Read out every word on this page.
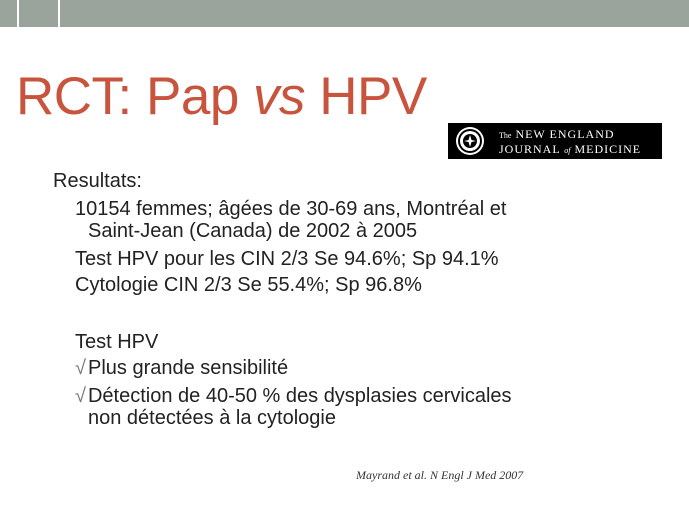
RCT: Pap vs HPV
The NEW ENGLAND
JOURNAL of MEDICINE
Resultats:
10154 femmes; âgées de 30-69 ans, Montréal et
Saint-Jean (Canada) de 2002 à 2005
Test HPV pour les CIN 2/3 Se 94.6%; Sp 94.1%
Cytologie CIN 2/3 Se 55.4%; Sp 96.8%
Test HPV
√ Plus grande sensibilité
√ Détection de 40-50 % des dysplasies cervicales
non détectées à la cytologie
Mayrand et al. N Engl J Med 2007
